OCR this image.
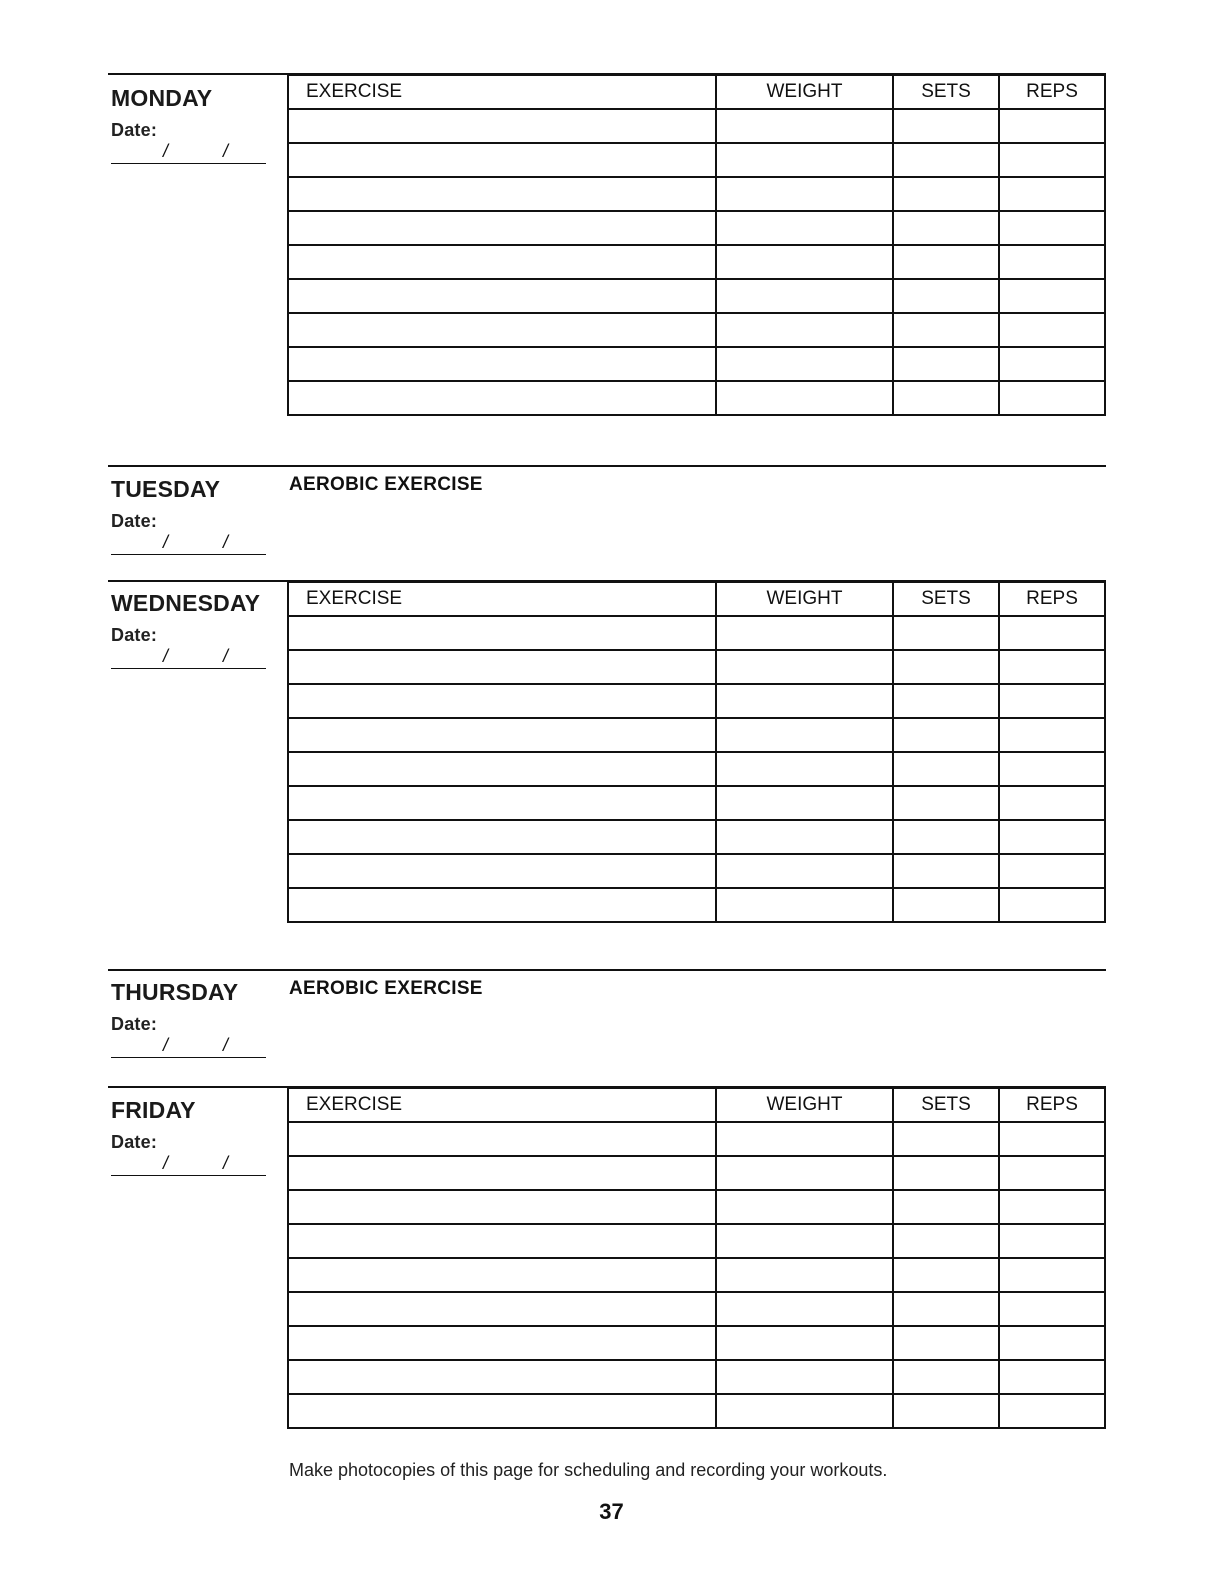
MONDAY
Date:
/	/
EXERCISE	WEIGHT	SETS	REPS

TUESDAY
Date:
/	/
AEROBIC EXERCISE
WEDNESDAY
Date:
/	/
EXERCISE	WEIGHT	SETS	REPS

THURSDAY
Date:
/	/
AEROBIC EXERCISE
FRIDAY
Date:
/	/
EXERCISE	WEIGHT	SETS	REPS

Make photocopies of this page for scheduling and recording your workouts.
37
